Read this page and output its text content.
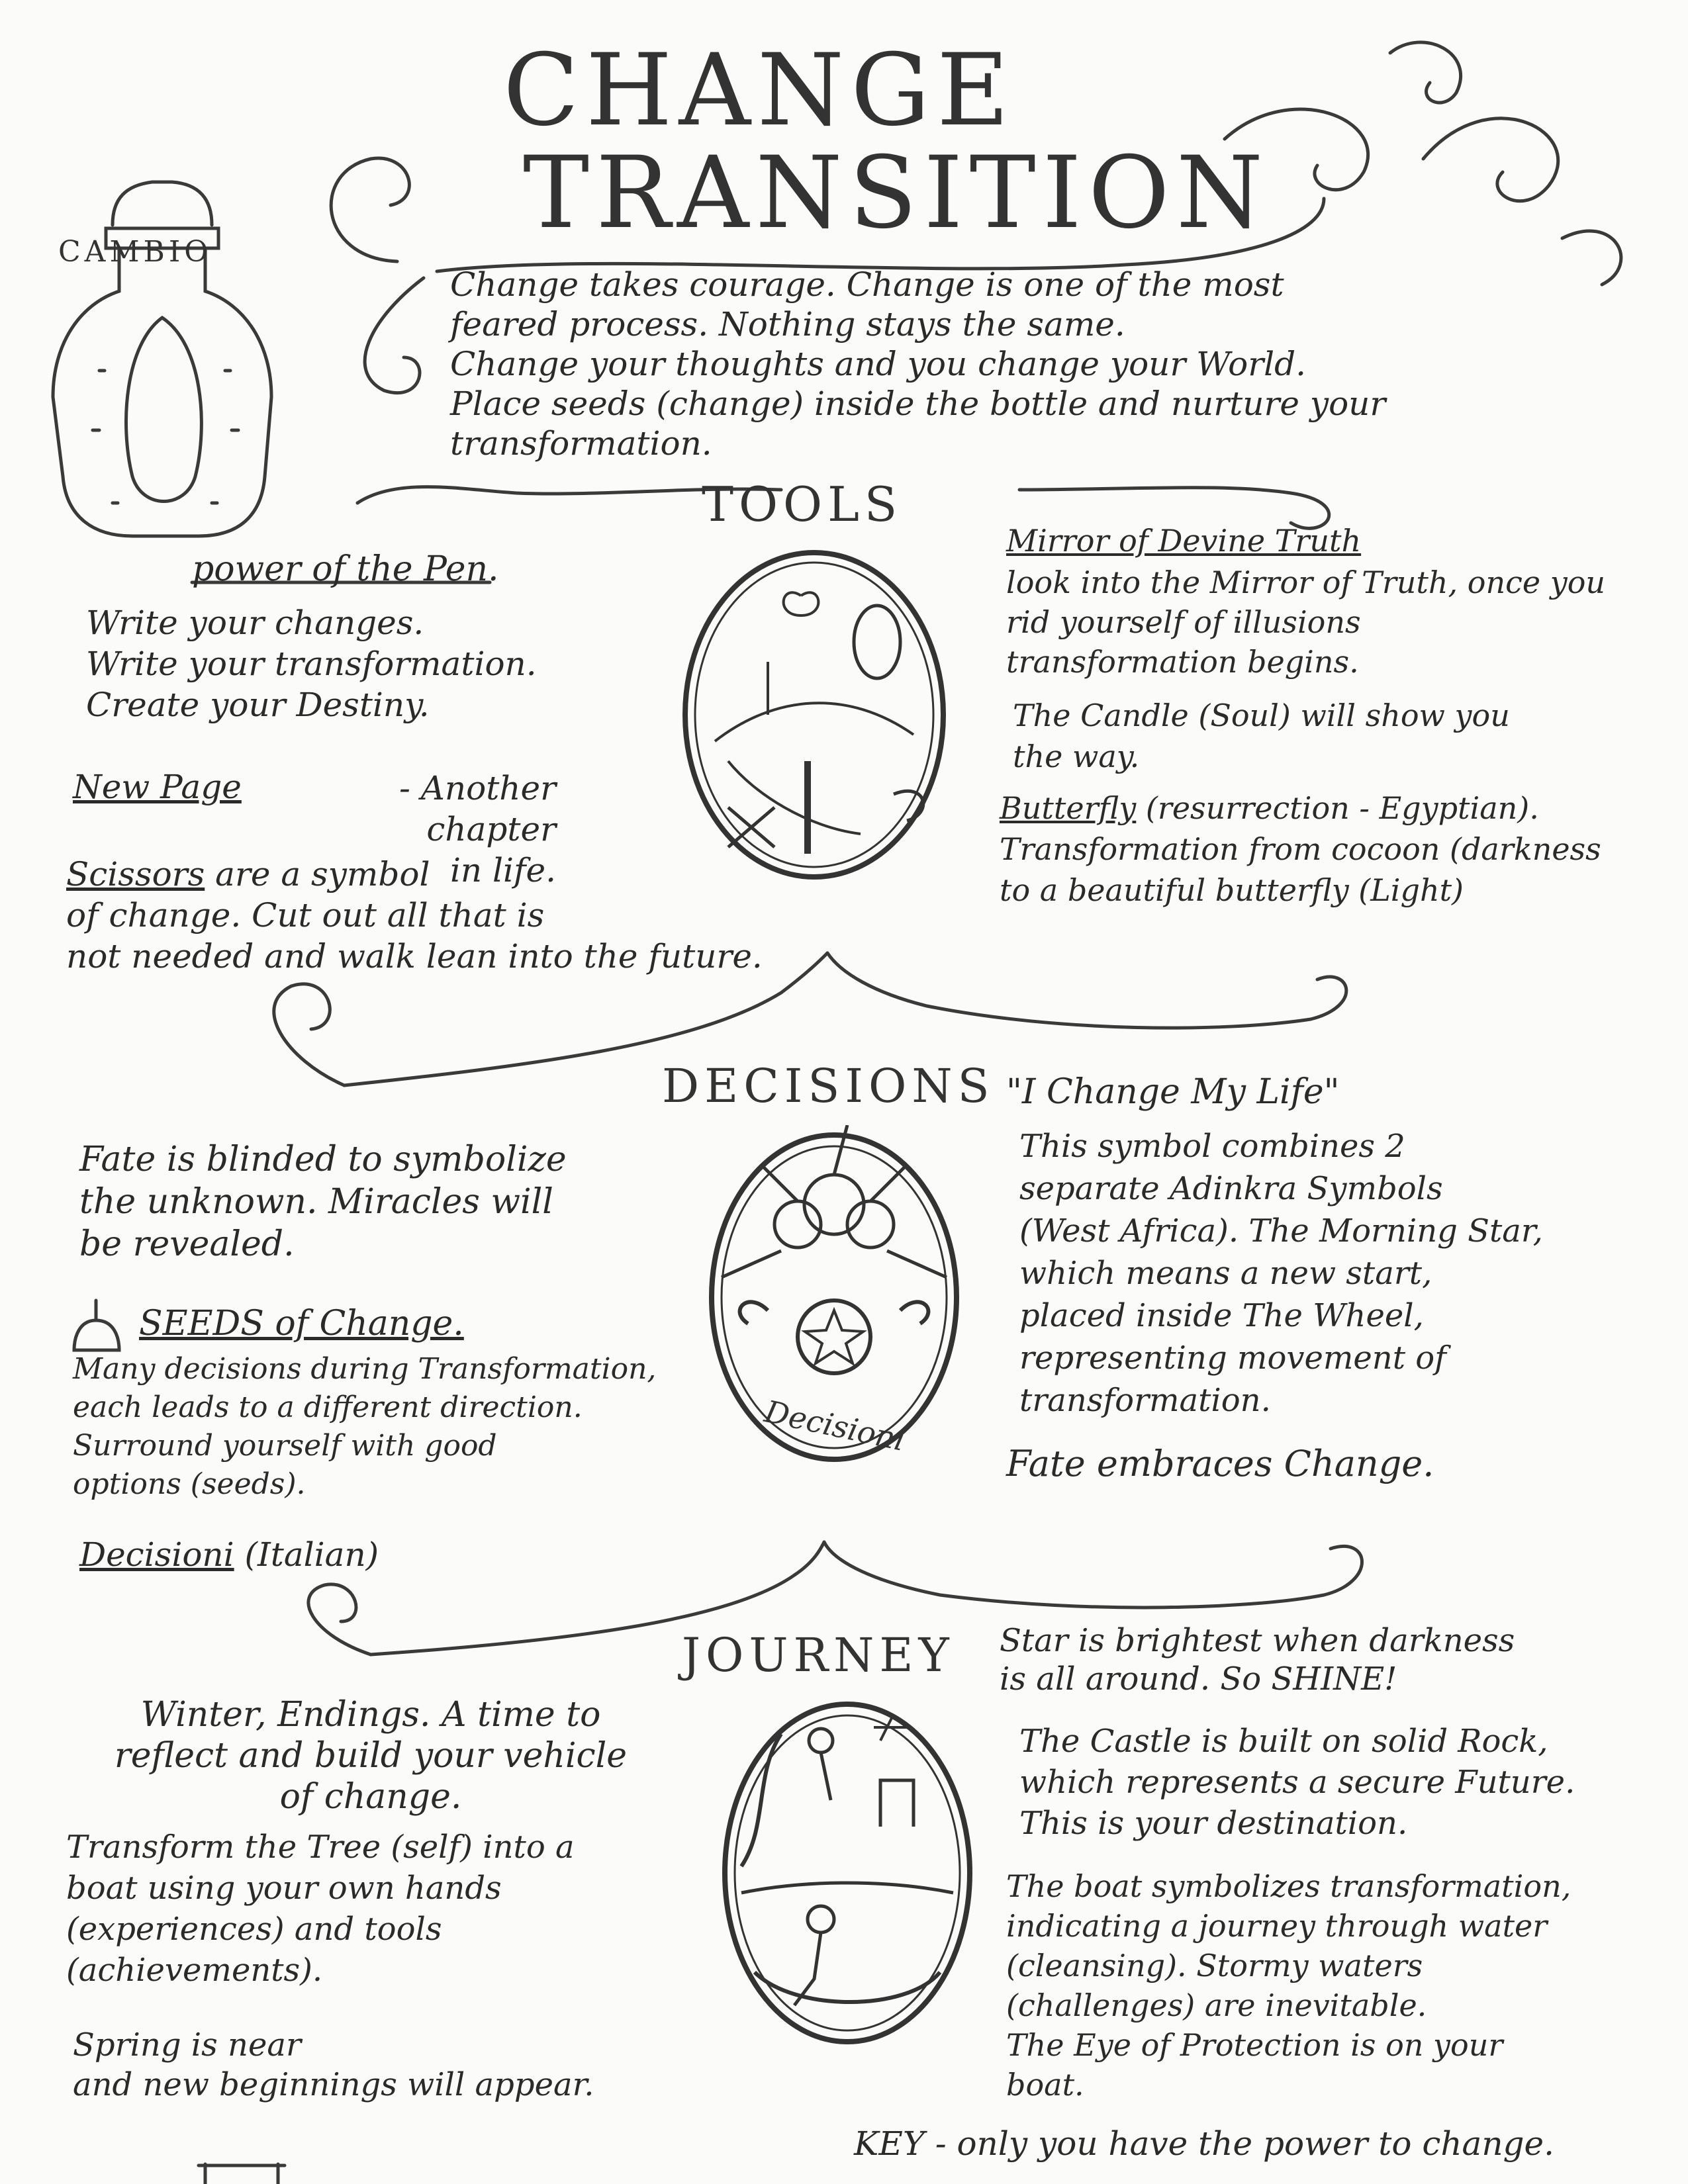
CHANGE
TRANSITION
CAMBIO
Change takes courage. Change is one of the most
feared process. Nothing stays the same.
Change your thoughts and you change your World.
Place seeds (change) inside the bottle and nurture your
transformation.
TOOLS
power of the Pen.
Write your changes.
Write your transformation.
Create your Destiny.
New Page	- Another chapter
in life.
Scissors are a symbol
of change. Cut out all that is
not needed and walk lean into the future.
Mirror of Devine Truth
look into the Mirror of Truth, once you
rid yourself of illusions
transformation begins.
The Candle (Soul) will show you
the way.
Butterfly (resurrection - Egyptian).
Transformation from cocoon (darkness
to a beautiful butterfly (Light)
DECISIONS
Decisioni
Fate is blinded to symbolize
the unknown. Miracles will
be revealed.
SEEDS of Change.
Many decisions during Transformation,
each leads to a different direction.
Surround yourself with good
options (seeds).
Decisioni (Italian)
"I Change My Life"
This symbol combines 2
separate Adinkra Symbols
(West Africa). The Morning Star,
which means a new start,
placed inside The Wheel,
representing movement of
transformation.
Fate embraces Change.
JOURNEY
Winter, Endings. A time to
reflect and build your vehicle
of change.
Transform the Tree (self) into a
boat using your own hands
(experiences) and tools
(achievements).
Spring is near
and new beginnings will appear.
Star is brightest when darkness
is all around. So SHINE!
The Castle is built on solid Rock,
which represents a secure Future.
This is your destination.
The boat symbolizes transformation,
indicating a journey through water
(cleansing). Stormy waters
(challenges) are inevitable.
The Eye of Protection is on your
boat.
KEY - only you have the power to change.
